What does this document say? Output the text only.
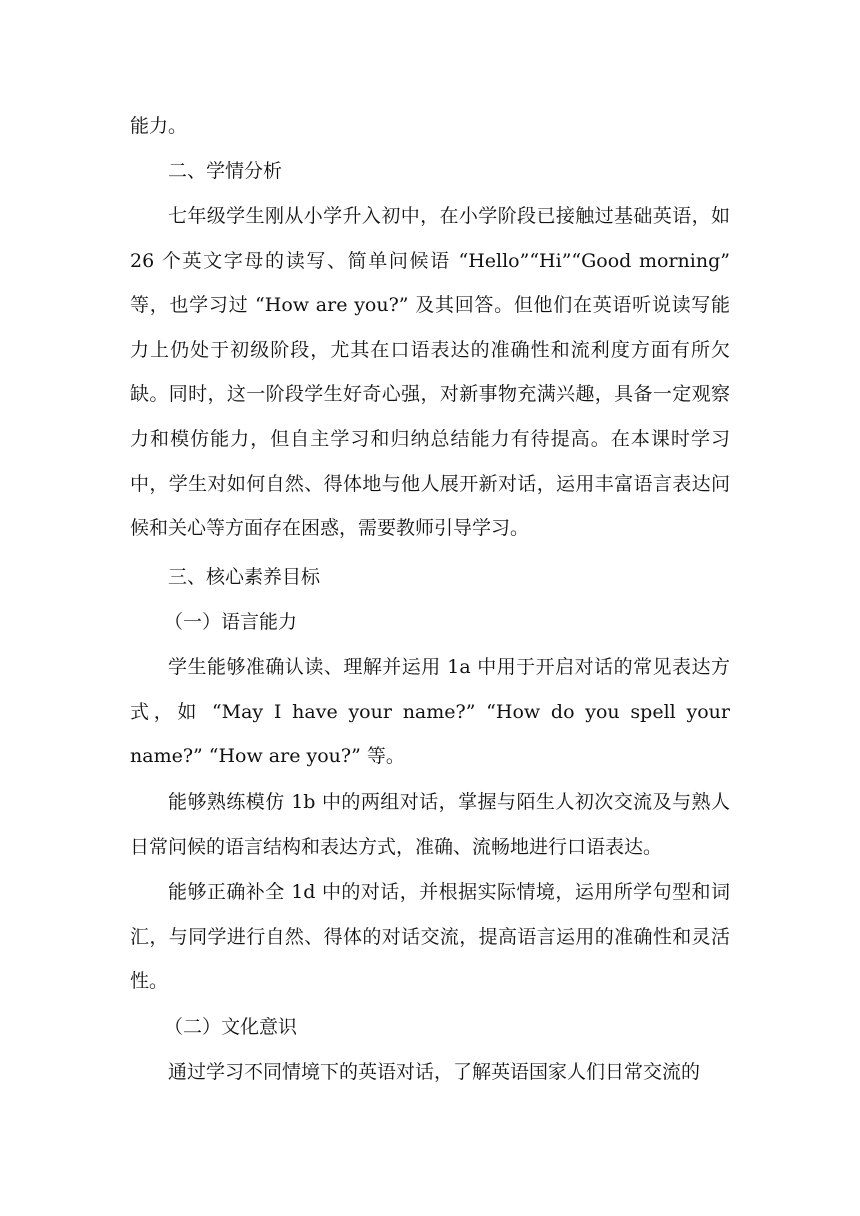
能力。

二、学情分析

七年级学生刚从小学升入初中，在小学阶段已接触过基础英语，如 26 个英文字母的读写、简单问候语 “Hello”“Hi”“Good morning” 等，也学习过 “How are you?” 及其回答。但他们在英语听说读写能力上仍处于初级阶段，尤其在口语表达的准确性和流利度方面有所欠缺。同时，这一阶段学生好奇心强，对新事物充满兴趣，具备一定观察力和模仿能力，但自主学习和归纳总结能力有待提高。在本课时学习中，学生对如何自然、得体地与他人展开新对话，运用丰富语言表达问候和关心等方面存在困惑，需要教师引导学习。

三、核心素养目标

（一）语言能力

学生能够准确认读、理解并运用 1a 中用于开启对话的常见表达方式，如 “May I have your name?” “How do you spell your name?” “How are you?” 等。

能够熟练模仿 1b 中的两组对话，掌握与陌生人初次交流及与熟人日常问候的语言结构和表达方式，准确、流畅地进行口语表达。

能够正确补全 1d 中的对话，并根据实际情境，运用所学句型和词汇，与同学进行自然、得体的对话交流，提高语言运用的准确性和灵活性。

（二）文化意识

通过学习不同情境下的英语对话，了解英语国家人们日常交流的
